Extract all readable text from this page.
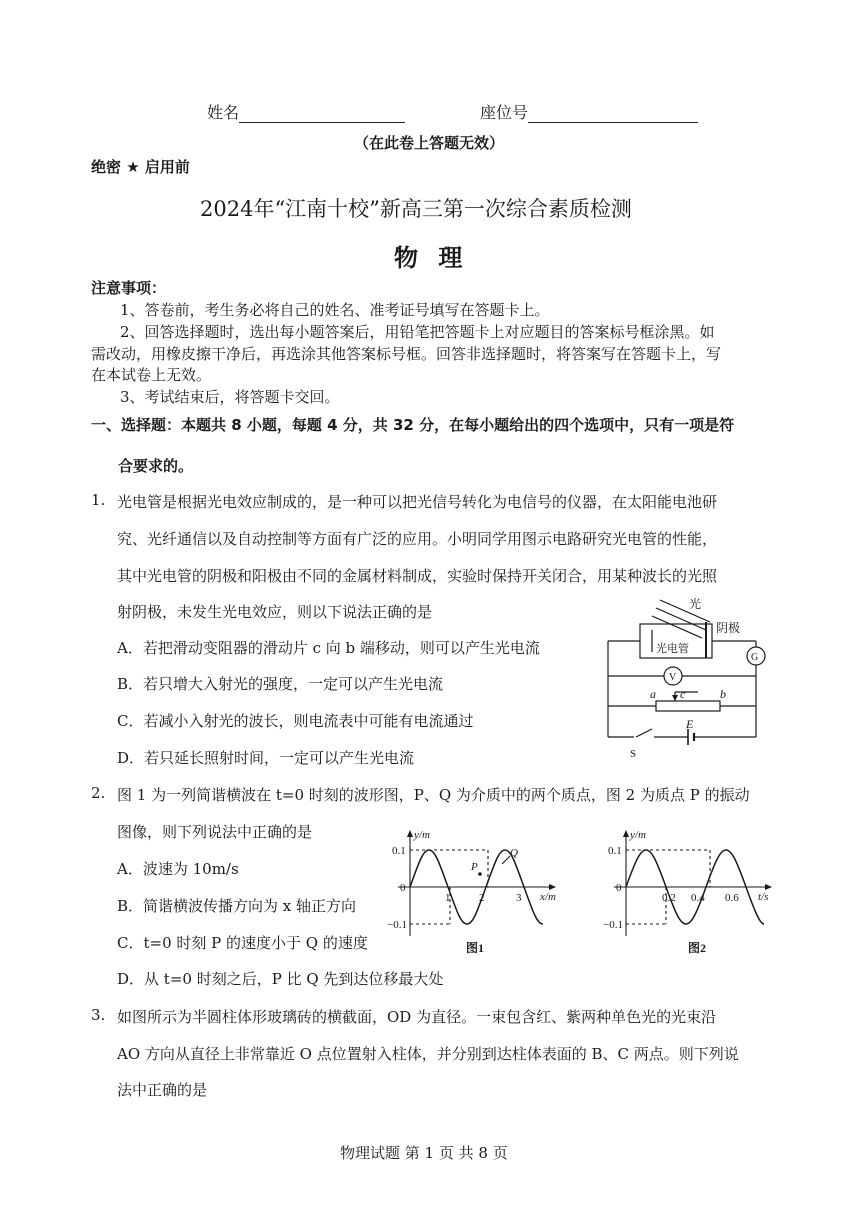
姓名	座位号
（在此卷上答题无效）
绝密 ★ 启用前
2024年“江南十校”新高三第一次综合素质检测
物 理
注意事项：
1、答卷前，考生务必将自己的姓名、准考证号填写在答题卡上。
2、回答选择题时，选出每小题答案后，用铅笔把答题卡上对应题目的答案标号框涂黑。如
需改动，用橡皮擦干净后，再选涂其他答案标号框。回答非选择题时，将答案写在答题卡上，写
在本试卷上无效。
3、考试结束后，将答题卡交回。
一、选择题：本题共 8 小题，每题 4 分，共 32 分，在每小题给出的四个选项中，只有一项是符
合要求的。
1. 光电管是根据光电效应制成的，是一种可以把光信号转化为电信号的仪器，在太阳能电池研
究、光纤通信以及自动控制等方面有广泛的应用。小明同学用图示电路研究光电管的性能，
其中光电管的阴极和阳极由不同的金属材料制成，实验时保持开关闭合，用某种波长的光照
射阴极，未发生光电效应，则以下说法正确的是
A．若把滑动变阻器的滑动片 c 向 b 端移动，则可以产生光电流
B．若只增大入射光的强度，一定可以产生光电流
C．若减小入射光的波长，则电流表中可能有电流通过
D．若只延长照射时间，一定可以产生光电流
光
阴极
光电管
V
G
a c	b
E
S
2. 图 1 为一列简谐横波在 t=0 时刻的波形图，P、Q 为介质中的两个质点，图 2 为质点 P 的振动
图像，则下列说法中正确的是
A．波速为 10m/s
B．简谐横波传播方向为 x 轴正方向
C．t=0 时刻 P 的速度小于 Q 的速度
D．从 t=0 时刻之后，P 比 Q 先到达位移最大处
y/m
x/m
0.1
0
−0.1
1	2	3
P
Q
图1
y/m
t/s
0.1
0
−0.1
0.2 0.4 0.6
图2
3. 如图所示为半圆柱体形玻璃砖的横截面，OD 为直径。一束包含红、紫两种单色光的光束沿
AO 方向从直径上非常靠近 O 点位置射入柱体，并分别到达柱体表面的 B、C 两点。则下列说
法中正确的是
物理试题 第 1 页 共 8 页
